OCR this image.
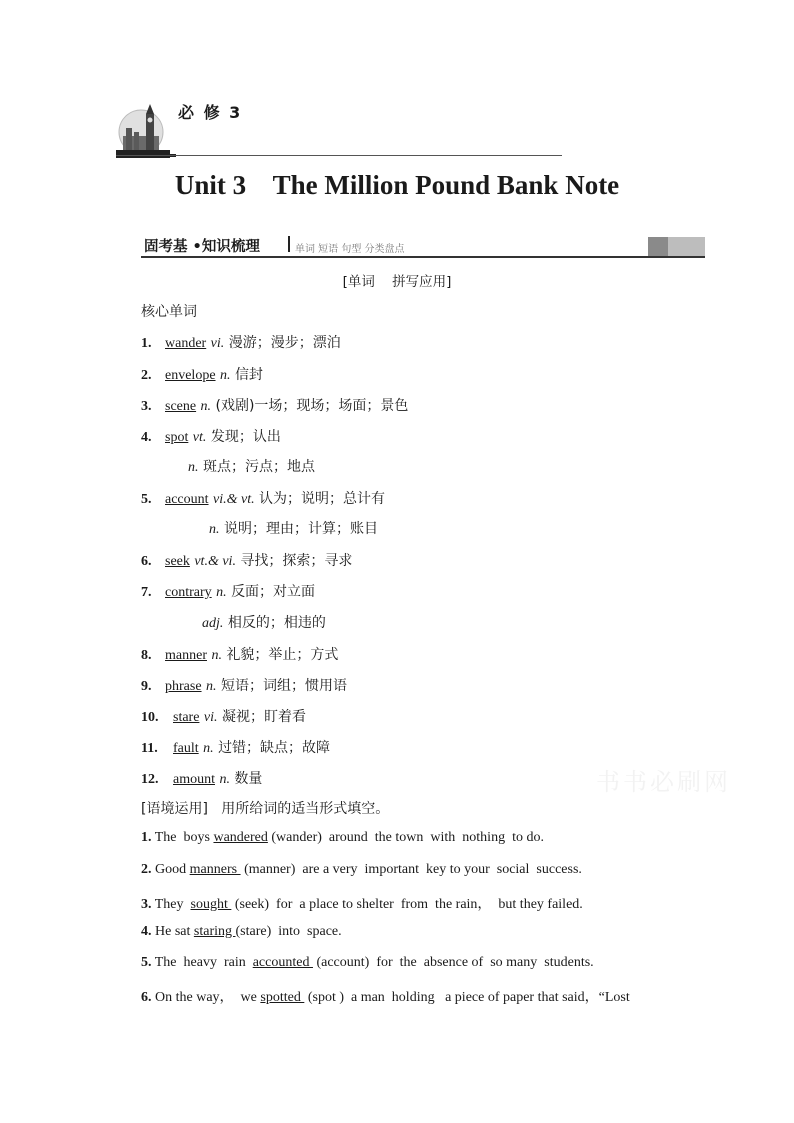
必 修 3
Unit 3    The Million Pound Bank Note
固考基 •知识梳理	单词 短语 句型 分类盘点
[单词    拼写应用]
核心单词
1. wander vi. 漫游；漫步；漂泊
2. envelope n. 信封
3. scene n. (戏剧)一场；现场；场面；景色
4. spot vt. 发现；认出
n. 斑点；污点；地点
5. account vi.& vt. 认为；说明；总计有
n. 说明；理由；计算；账目
6. seek vt.& vi. 寻找；探索；寻求
7. contrary n. 反面；对立面
adj. 相反的；相违的
8. manner n. 礼貌；举止；方式
9. phrase n. 短语；词组；惯用语
10. stare vi. 凝视；盯着看
11. fault n. 过错；缺点；故障
12. amount n. 数量
[语境运用]   用所给词的适当形式填空。
1. The  boys wandered (wander)  around  the town  with  nothing  to do.
2. Good manners  (manner)  are a very  important  key to your  social  success.
3. They  sought  (seek)  for  a place to shelter  from  the rain，  but they failed.
4. He sat staring (stare)  into  space.
5. The  heavy  rain  accounted  (account)  for  the  absence of  so many  students.
6. On the way，  we spotted  (spot )  a man  holding   a piece of paper that said，“Lost
书书必刷网
